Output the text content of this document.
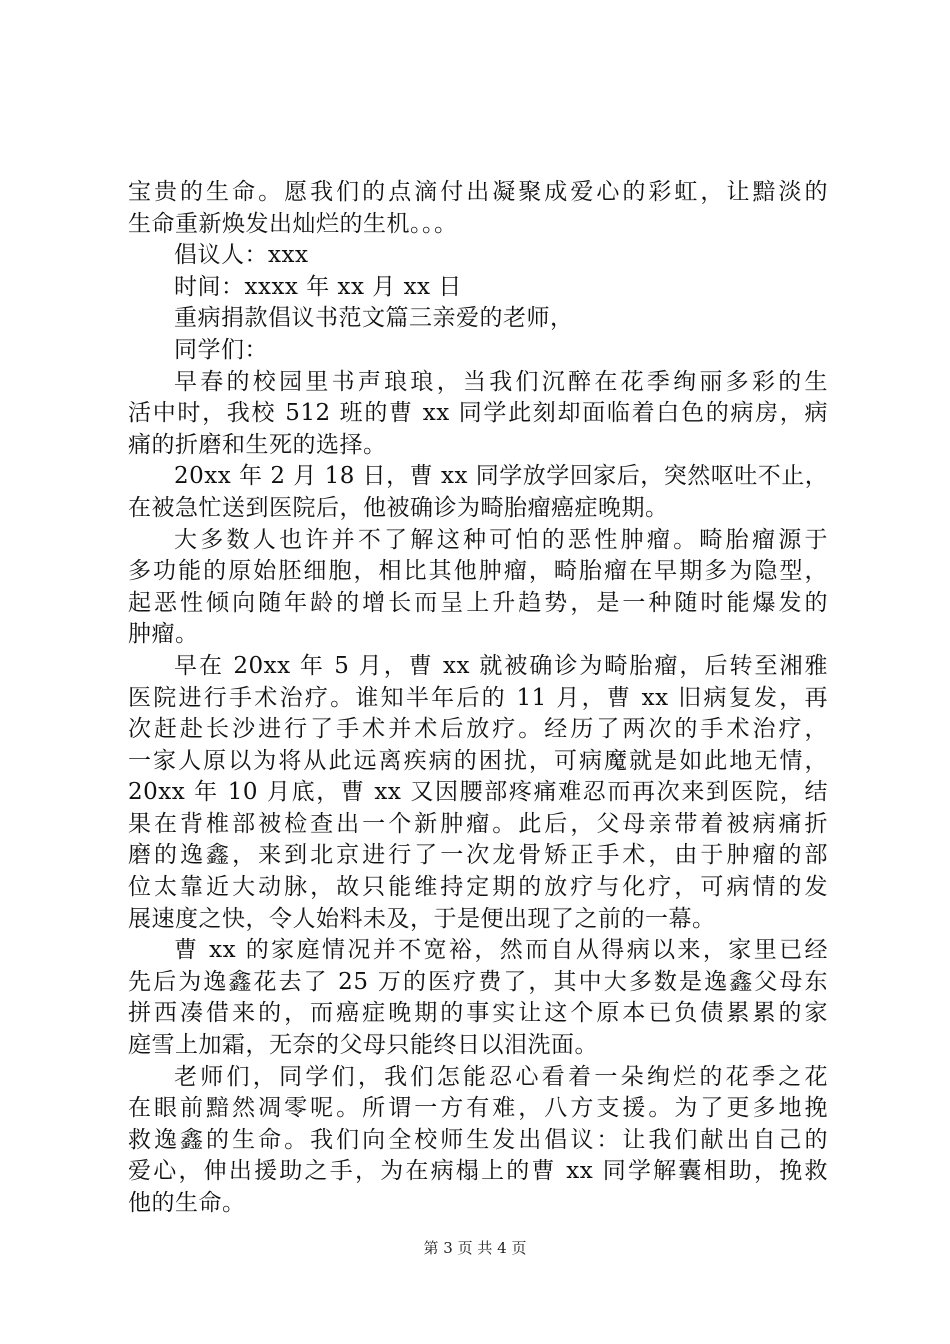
宝贵的生命。愿我们的点滴付出凝聚成爱心的彩虹，让黯淡的
生命重新焕发出灿烂的生机。。。
倡议人：xxx
时间：xxxx 年 xx 月 xx 日
重病捐款倡议书范文篇三亲爱的老师，
同学们：
早春的校园里书声琅琅，当我们沉醉在花季绚丽多彩的生
活中时，我校 512 班的曹 xx 同学此刻却面临着白色的病房，病
痛的折磨和生死的选择。
20xx 年 2 月 18 日，曹 xx 同学放学回家后，突然呕吐不止，
在被急忙送到医院后，他被确诊为畸胎瘤癌症晚期。
大多数人也许并不了解这种可怕的恶性肿瘤。畸胎瘤源于
多功能的原始胚细胞，相比其他肿瘤，畸胎瘤在早期多为隐型，
起恶性倾向随年龄的增长而呈上升趋势，是一种随时能爆发的
肿瘤。
早在 20xx 年 5 月，曹 xx 就被确诊为畸胎瘤，后转至湘雅
医院进行手术治疗。谁知半年后的 11 月，曹 xx 旧病复发，再
次赶赴长沙进行了手术并术后放疗。经历了两次的手术治疗，
一家人原以为将从此远离疾病的困扰，可病魔就是如此地无情，
20xx 年 10 月底，曹 xx 又因腰部疼痛难忍而再次来到医院，结
果在背椎部被检查出一个新肿瘤。此后，父母亲带着被病痛折
磨的逸鑫，来到北京进行了一次龙骨矫正手术，由于肿瘤的部
位太靠近大动脉，故只能维持定期的放疗与化疗，可病情的发
展速度之快，令人始料未及，于是便出现了之前的一幕。
曹 xx 的家庭情况并不宽裕，然而自从得病以来，家里已经
先后为逸鑫花去了 25 万的医疗费了，其中大多数是逸鑫父母东
拼西凑借来的，而癌症晚期的事实让这个原本已负债累累的家
庭雪上加霜，无奈的父母只能终日以泪洗面。
老师们，同学们，我们怎能忍心看着一朵绚烂的花季之花
在眼前黯然凋零呢。所谓一方有难，八方支援。为了更多地挽
救逸鑫的生命。我们向全校师生发出倡议：让我们献出自己的
爱心，伸出援助之手，为在病榻上的曹 xx 同学解囊相助，挽救
他的生命。
第 3 页 共 4 页
